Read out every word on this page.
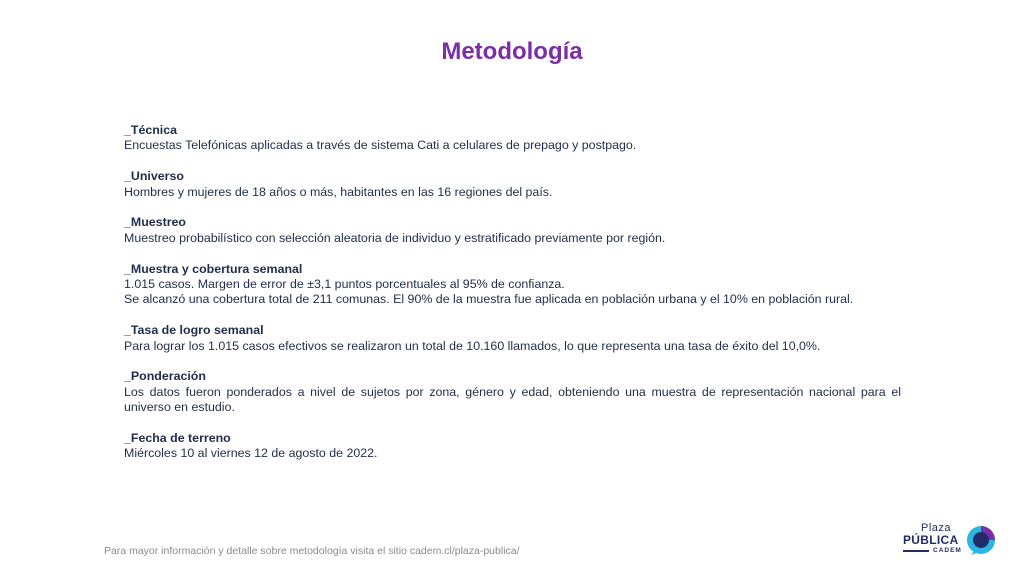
Metodología
_Técnica

Encuestas Telefónicas aplicadas a través de sistema Cati a celulares de prepago y postpago.

_Universo

Hombres y mujeres de 18 años o más, habitantes en las 16 regiones del país.

_Muestreo

Muestreo probabilístico con selección aleatoria de individuo y estratificado previamente por región.

_Muestra y cobertura semanal

1.015 casos. Margen de error de ±3,1 puntos porcentuales al 95% de confianza.

Se alcanzó una cobertura total de 211 comunas. El 90% de la muestra fue aplicada en población urbana y el 10% en población rural.

_Tasa de logro semanal

Para lograr los 1.015 casos efectivos se realizaron un total de 10.160 llamados, lo que representa una tasa de éxito del 10,0%.

_Ponderación

Los datos fueron ponderados a nivel de sujetos por zona, género y edad, obteniendo una muestra de representación nacional para el universo en estudio.

_Fecha de terreno

Miércoles 10 al viernes 12 de agosto de 2022.

Para mayor información y detalle sobre metodología visita el sitio cadem.cl/plaza-publica/
Plaza
PÚBLICA
CADEM
